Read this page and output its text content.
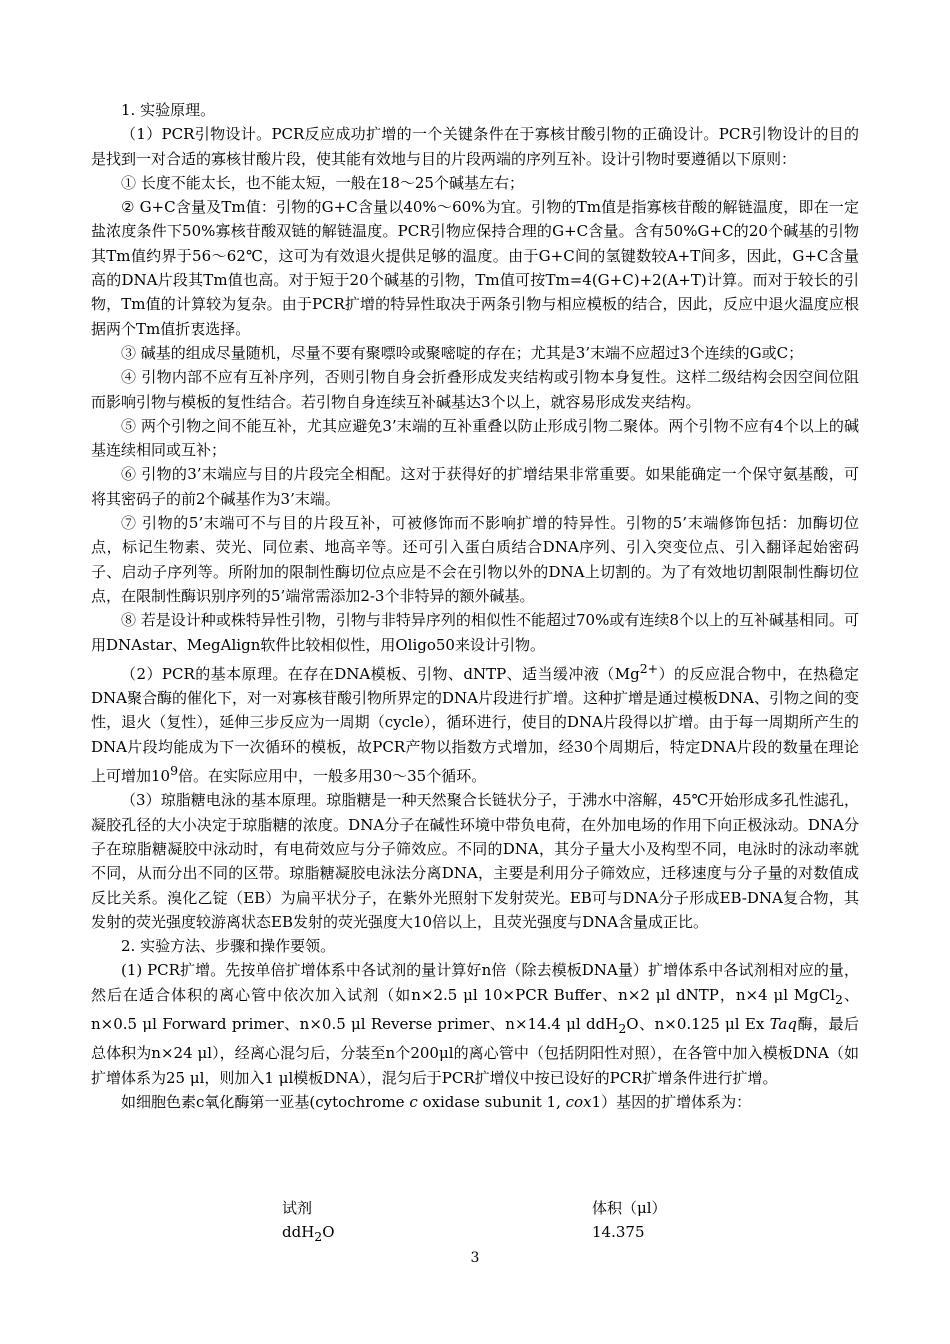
1. 实验原理。

（1）PCR引物设计。PCR反应成功扩增的一个关键条件在于寡核甘酸引物的正确设计。PCR引物设计的目的是找到一对合适的寡核甘酸片段，使其能有效地与目的片段两端的序列互补。设计引物时要遵循以下原则：

① 长度不能太长，也不能太短，一般在18～25个碱基左右；

② G+C含量及Tm值：引物的G+C含量以40%～60%为宜。引物的Tm值是指寡核苷酸的解链温度，即在一定盐浓度条件下50%寡核苷酸双链的解链温度。PCR引物应保持合理的G+C含量。含有50%G+C的20个碱基的引物其Tm值约界于56～62℃，这可为有效退火提供足够的温度。由于G+C间的氢键数较A+T间多，因此，G+C含量高的DNA片段其Tm值也高。对于短于20个碱基的引物，Tm值可按Tm=4(G+C)+2(A+T)计算。而对于较长的引物，Tm值的计算较为复杂。由于PCR扩增的特异性取决于两条引物与相应模板的结合，因此，反应中退火温度应根据两个Tm值折衷选择。

③ 碱基的组成尽量随机，尽量不要有聚嘌呤或聚嘧啶的存在；尤其是3’末端不应超过3个连续的G或C；

④ 引物内部不应有互补序列，否则引物自身会折叠形成发夹结构或引物本身复性。这样二级结构会因空间位阻而影响引物与模板的复性结合。若引物自身连续互补碱基达3个以上，就容易形成发夹结构。

⑤ 两个引物之间不能互补，尤其应避免3’末端的互补重叠以防止形成引物二聚体。两个引物不应有4个以上的碱基连续相同或互补；

⑥ 引物的3’末端应与目的片段完全相配。这对于获得好的扩增结果非常重要。如果能确定一个保守氨基酸，可将其密码子的前2个碱基作为3’末端。

⑦ 引物的5’末端可不与目的片段互补，可被修饰而不影响扩增的特异性。引物的5’末端修饰包括：加酶切位点，标记生物素、荧光、同位素、地高辛等。还可引入蛋白质结合DNA序列、引入突变位点、引入翻译起始密码子、启动子序列等。所附加的限制性酶切位点应是不会在引物以外的DNA上切割的。为了有效地切割限制性酶切位点，在限制性酶识别序列的5’端常需添加2-3个非特异的额外碱基。

⑧ 若是设计种或株特异性引物，引物与非特异序列的相似性不能超过70%或有连续8个以上的互补碱基相同。可用DNAstar、MegAlign软件比较相似性，用Oligo50来设计引物。

（2）PCR的基本原理。在存在DNA模板、引物、dNTP、适当缓冲液$(Mg^{2+})$的反应混合物中，在热稳定DNA聚合酶的催化下，对一对寡核苷酸引物所界定的DNA片段进行扩增。这种扩增是通过模板DNA、引物之间的变性，退火（复性），延伸三步反应为一周期（cycle），循环进行，使目的DNA片段得以扩增。由于每一周期所产生的DNA片段均能成为下一次循环的模板，故PCR产物以指数方式增加，经30个周期后，特定DNA片段的数量在理论上可增加$10^9$倍。在实际应用中，一般多用30～35个循环。

（3）琼脂糖电泳的基本原理。琼脂糖是一种天然聚合长链状分子，于沸水中溶解，45℃开始形成多孔性滤孔，凝胶孔径的大小决定于琼脂糖的浓度。DNA分子在碱性环境中带负电荷，在外加电场的作用下向正极泳动。DNA分子在琼脂糖凝胶中泳动时，有电荷效应与分子筛效应。不同的DNA，其分子量大小及构型不同，电泳时的泳动率就不同，从而分出不同的区带。琼脂糖凝胶电泳法分离DNA，主要是利用分子筛效应，迁移速度与分子量的对数值成反比关系。溴化乙锭（EB）为扁平状分子，在紫外光照射下发射荧光。EB可与DNA分子形成EB-DNA复合物，其发射的荧光强度较游离状态EB发射的荧光强度大10倍以上，且荧光强度与DNA含量成正比。

2. 实验方法、步骤和操作要领。

(1) PCR扩增。先按单倍扩增体系中各试剂的量计算好n倍（除去模板DNA量）扩增体系中各试剂相对应的量，然后在适合体积的离心管中依次加入试剂（如n×2.5 μl 10×PCR Buffer、n×2 μl dNTP，n×4 μl MgCl$_2$、n×0.5 μl Forward primer、n×0.5 μl Reverse primer、n×14.4 μl ddH$_2$O、n×0.125 μl Ex Taq酶，最后总体积为n×24 μl），经离心混匀后，分装至n个200μl的离心管中（包括阴阳性对照），在各管中加入模板DNA（如扩增体系为25 μl，则加入1 μl模板DNA），混匀后于PCR扩增仪中按已设好的PCR扩增条件进行扩增。

如细胞色素c氧化酶第一亚基(cytochrome c oxidase subunit 1, cox1）基因的扩增体系为：

试剂	体积（μl）
ddH$_2$O	14.375
3
